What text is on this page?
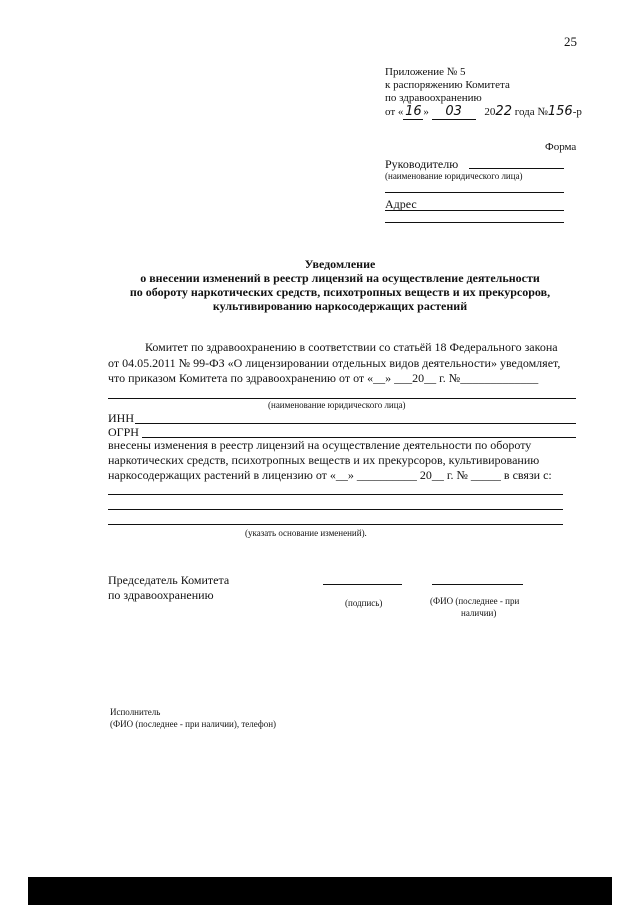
25
Приложение № 5
к распоряжению Комитета
по здравоохранению
от « 16 » 03 2022 года №156-р
Форма
Руководителю
(наименование юридического лица)
Адрес
Уведомление
о внесении изменений в реестр лицензий на осуществление деятельности
по обороту наркотических средств, психотропных веществ и их прекурсоров,
культивированию наркосодержащих растений
Комитет по здравоохранению в соответствии со статьёй 18 Федерального закона
от 04.05.2011 № 99-ФЗ «О лицензировании отдельных видов деятельности» уведомляет,
что приказом Комитета по здравоохранению от от «__» ___20__ г. №_____________
(наименование юридического лица)
ИНН
ОГРН
внесены изменения в реестр лицензий на осуществление деятельности по обороту
наркотических средств, психотропных веществ и их прекурсоров, культивированию
наркосодержащих растений в лицензию от «__» __________ 20__ г. № _____ в связи с:
(указать основание изменений).
Председатель Комитета
по здравоохранению
(подпись)	(ФИО (последнее - при
наличии)
Исполнитель
(ФИО (последнее - при наличии), телефон)
